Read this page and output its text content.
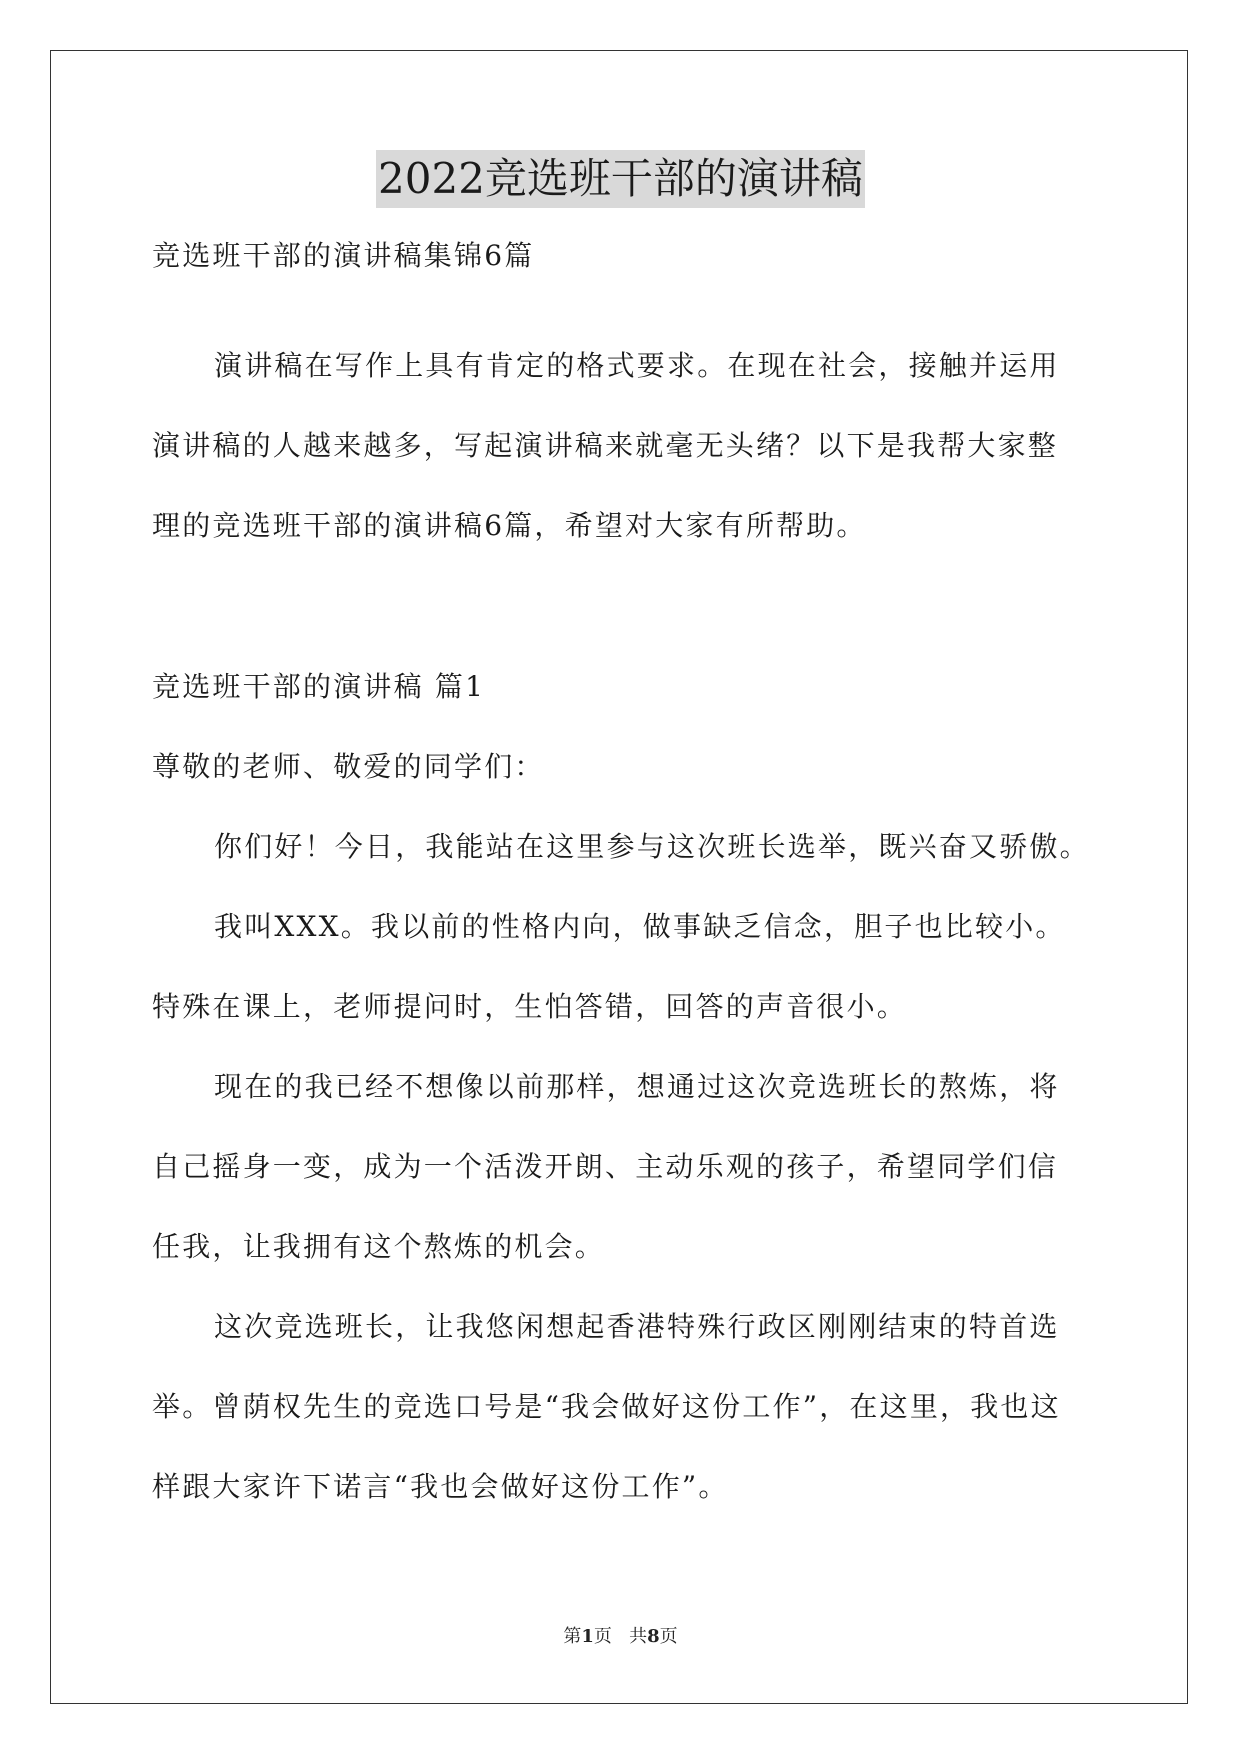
2022竞选班干部的演讲稿
竞选班干部的演讲稿集锦6篇
演讲稿在写作上具有肯定的格式要求。在现在社会，接触并运用
演讲稿的人越来越多，写起演讲稿来就毫无头绪？以下是我帮大家整
理的竞选班干部的演讲稿6篇，希望对大家有所帮助。
竞选班干部的演讲稿 篇1
尊敬的老师、敬爱的同学们：
你们好！今日，我能站在这里参与这次班长选举，既兴奋又骄傲。
我叫XXX。我以前的性格内向，做事缺乏信念，胆子也比较小。
特殊在课上，老师提问时，生怕答错，回答的声音很小。
现在的我已经不想像以前那样，想通过这次竞选班长的熬炼，将
自己摇身一变，成为一个活泼开朗、主动乐观的孩子，希望同学们信
任我，让我拥有这个熬炼的机会。
这次竞选班长，让我悠闲想起香港特殊行政区刚刚结束的特首选
举。曾荫权先生的竞选口号是“我会做好这份工作”，在这里，我也这
样跟大家许下诺言“我也会做好这份工作”。
第1页   共8页
